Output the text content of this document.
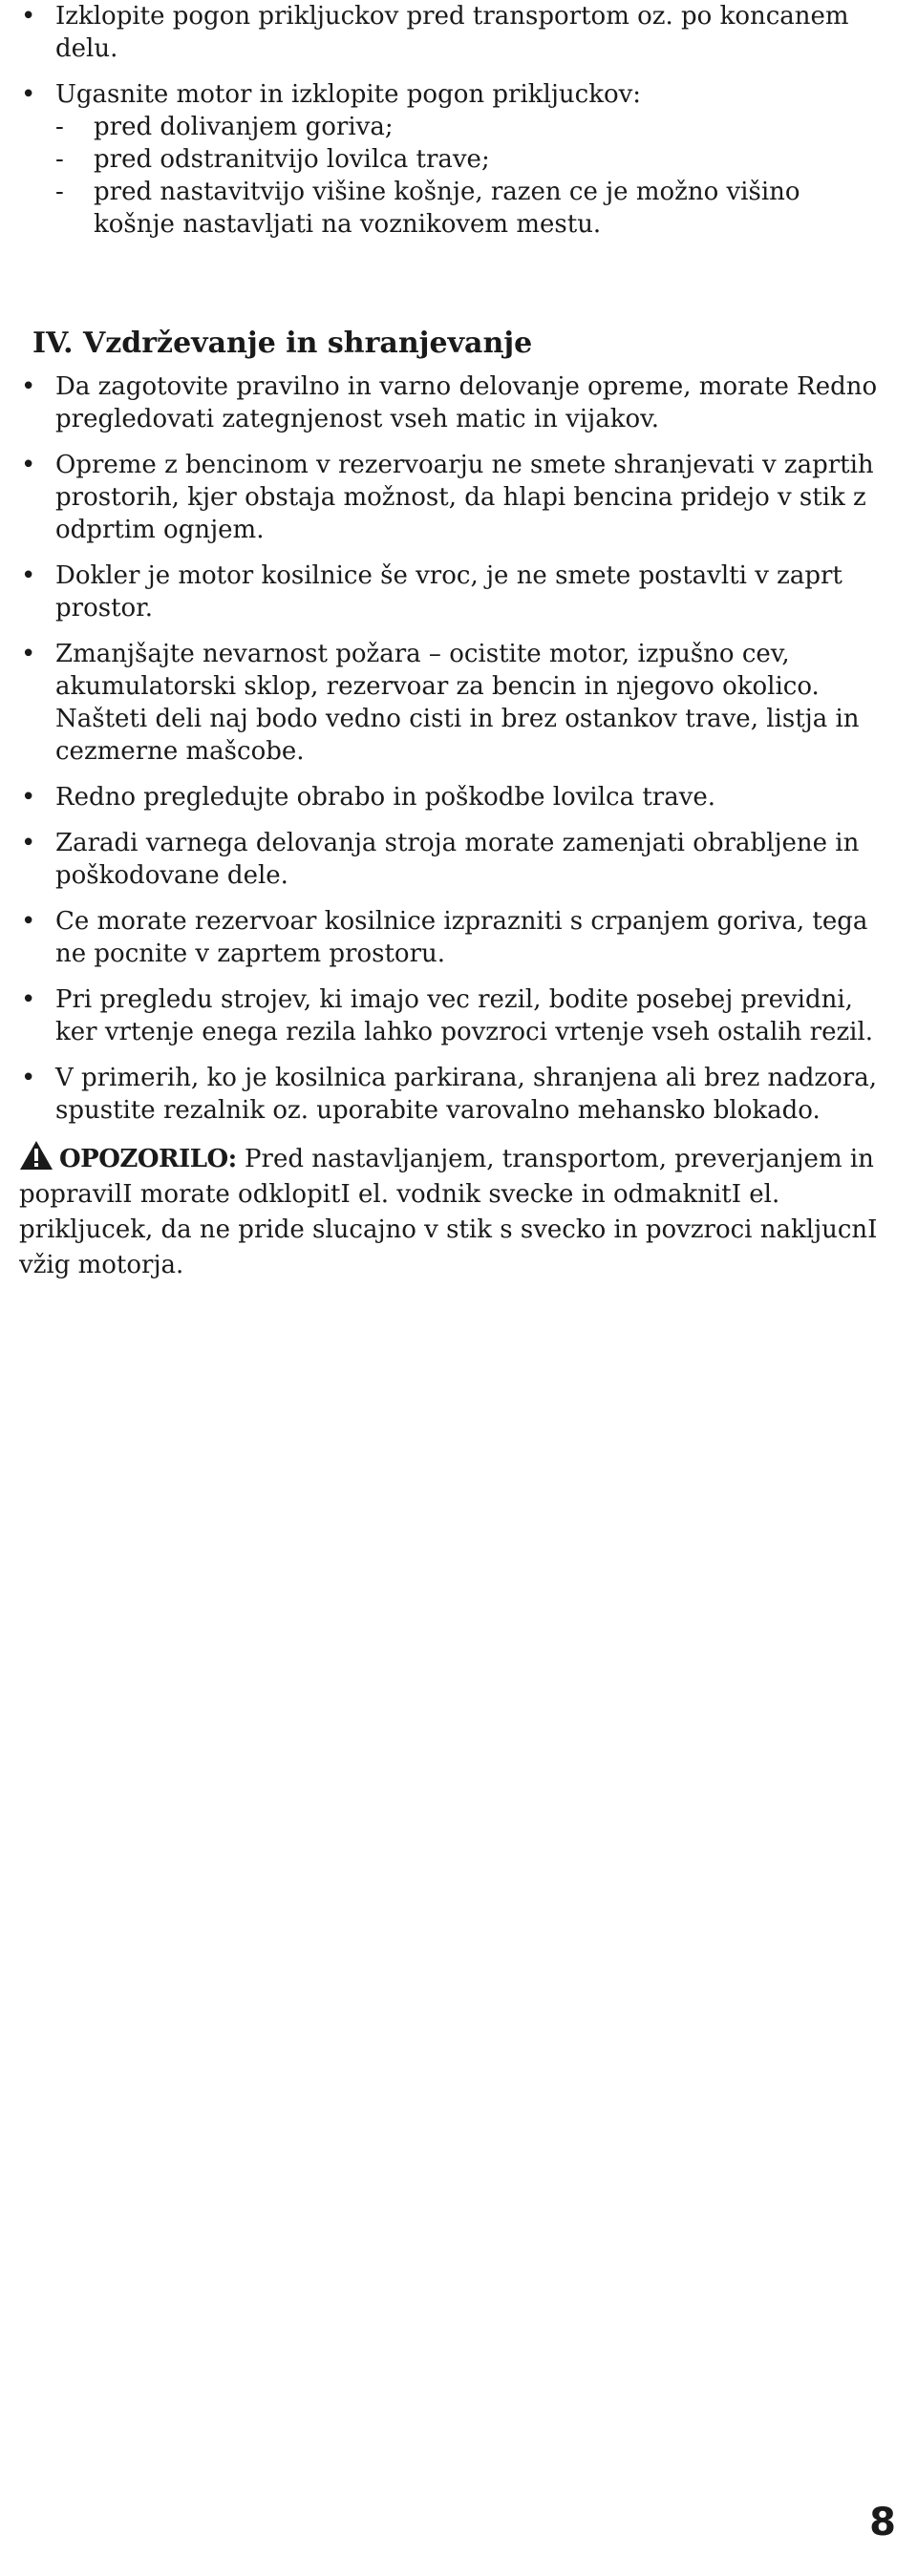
• Izklopite pogon prikljuckov pred transportom oz. po koncanem delu.
• Ugasnite motor in izklopite pogon prikljuckov:
- pred dolivanjem goriva;
- pred odstranitvijo lovilca trave;
- pred nastavitvijo višine košnje, razen ce je možno višino košnje nastavljati na voznikovem mestu.
IV. Vzdrževanje in shranjevanje
• Da zagotovite pravilno in varno delovanje opreme, morate Redno pregledovati zategnjenost vseh matic in vijakov.
• Opreme z bencinom v rezervoarju ne smete shranjevati v zaprtih prostorih, kjer obstaja možnost, da hlapi bencina pridejo v stik z odprtim ognjem.
• Dokler je motor kosilnice še vroc, je ne smete postavlti v zaprt prostor.
• Zmanjšajte nevarnost požara – ocistite motor, izpušno cev, akumulatorski sklop, rezervoar za bencin in njegovo okolico. Našteti deli naj bodo vedno cisti in brez ostankov trave, listja in cezmerne mašcobe.
• Redno pregledujte obrabo in poškodbe lovilca trave.
• Zaradi varnega delovanja stroja morate zamenjati obrabljene in poškodovane dele.
• Ce morate rezervoar kosilnice izprazniti s crpanjem goriva, tega ne pocnite v zaprtem prostoru.
• Pri pregledu strojev, ki imajo vec rezil, bodite posebej previdni, ker vrtenje enega rezila lahko povzroci vrtenje vseh ostalih rezil.
• V primerih, ko je kosilnica parkirana, shranjena ali brez nadzora, spustite rezalnik oz. uporabite varovalno mehansko blokado.

OPOZORILO: Pred nastavljanjem, transportom, preverjanjem in popravilI morate odklopitI el. vodnik svecke in odmaknitI el. prikljucek, da ne pride slucajno v stik s svecko in povzroci nakljucnI vžig motorja.

8
